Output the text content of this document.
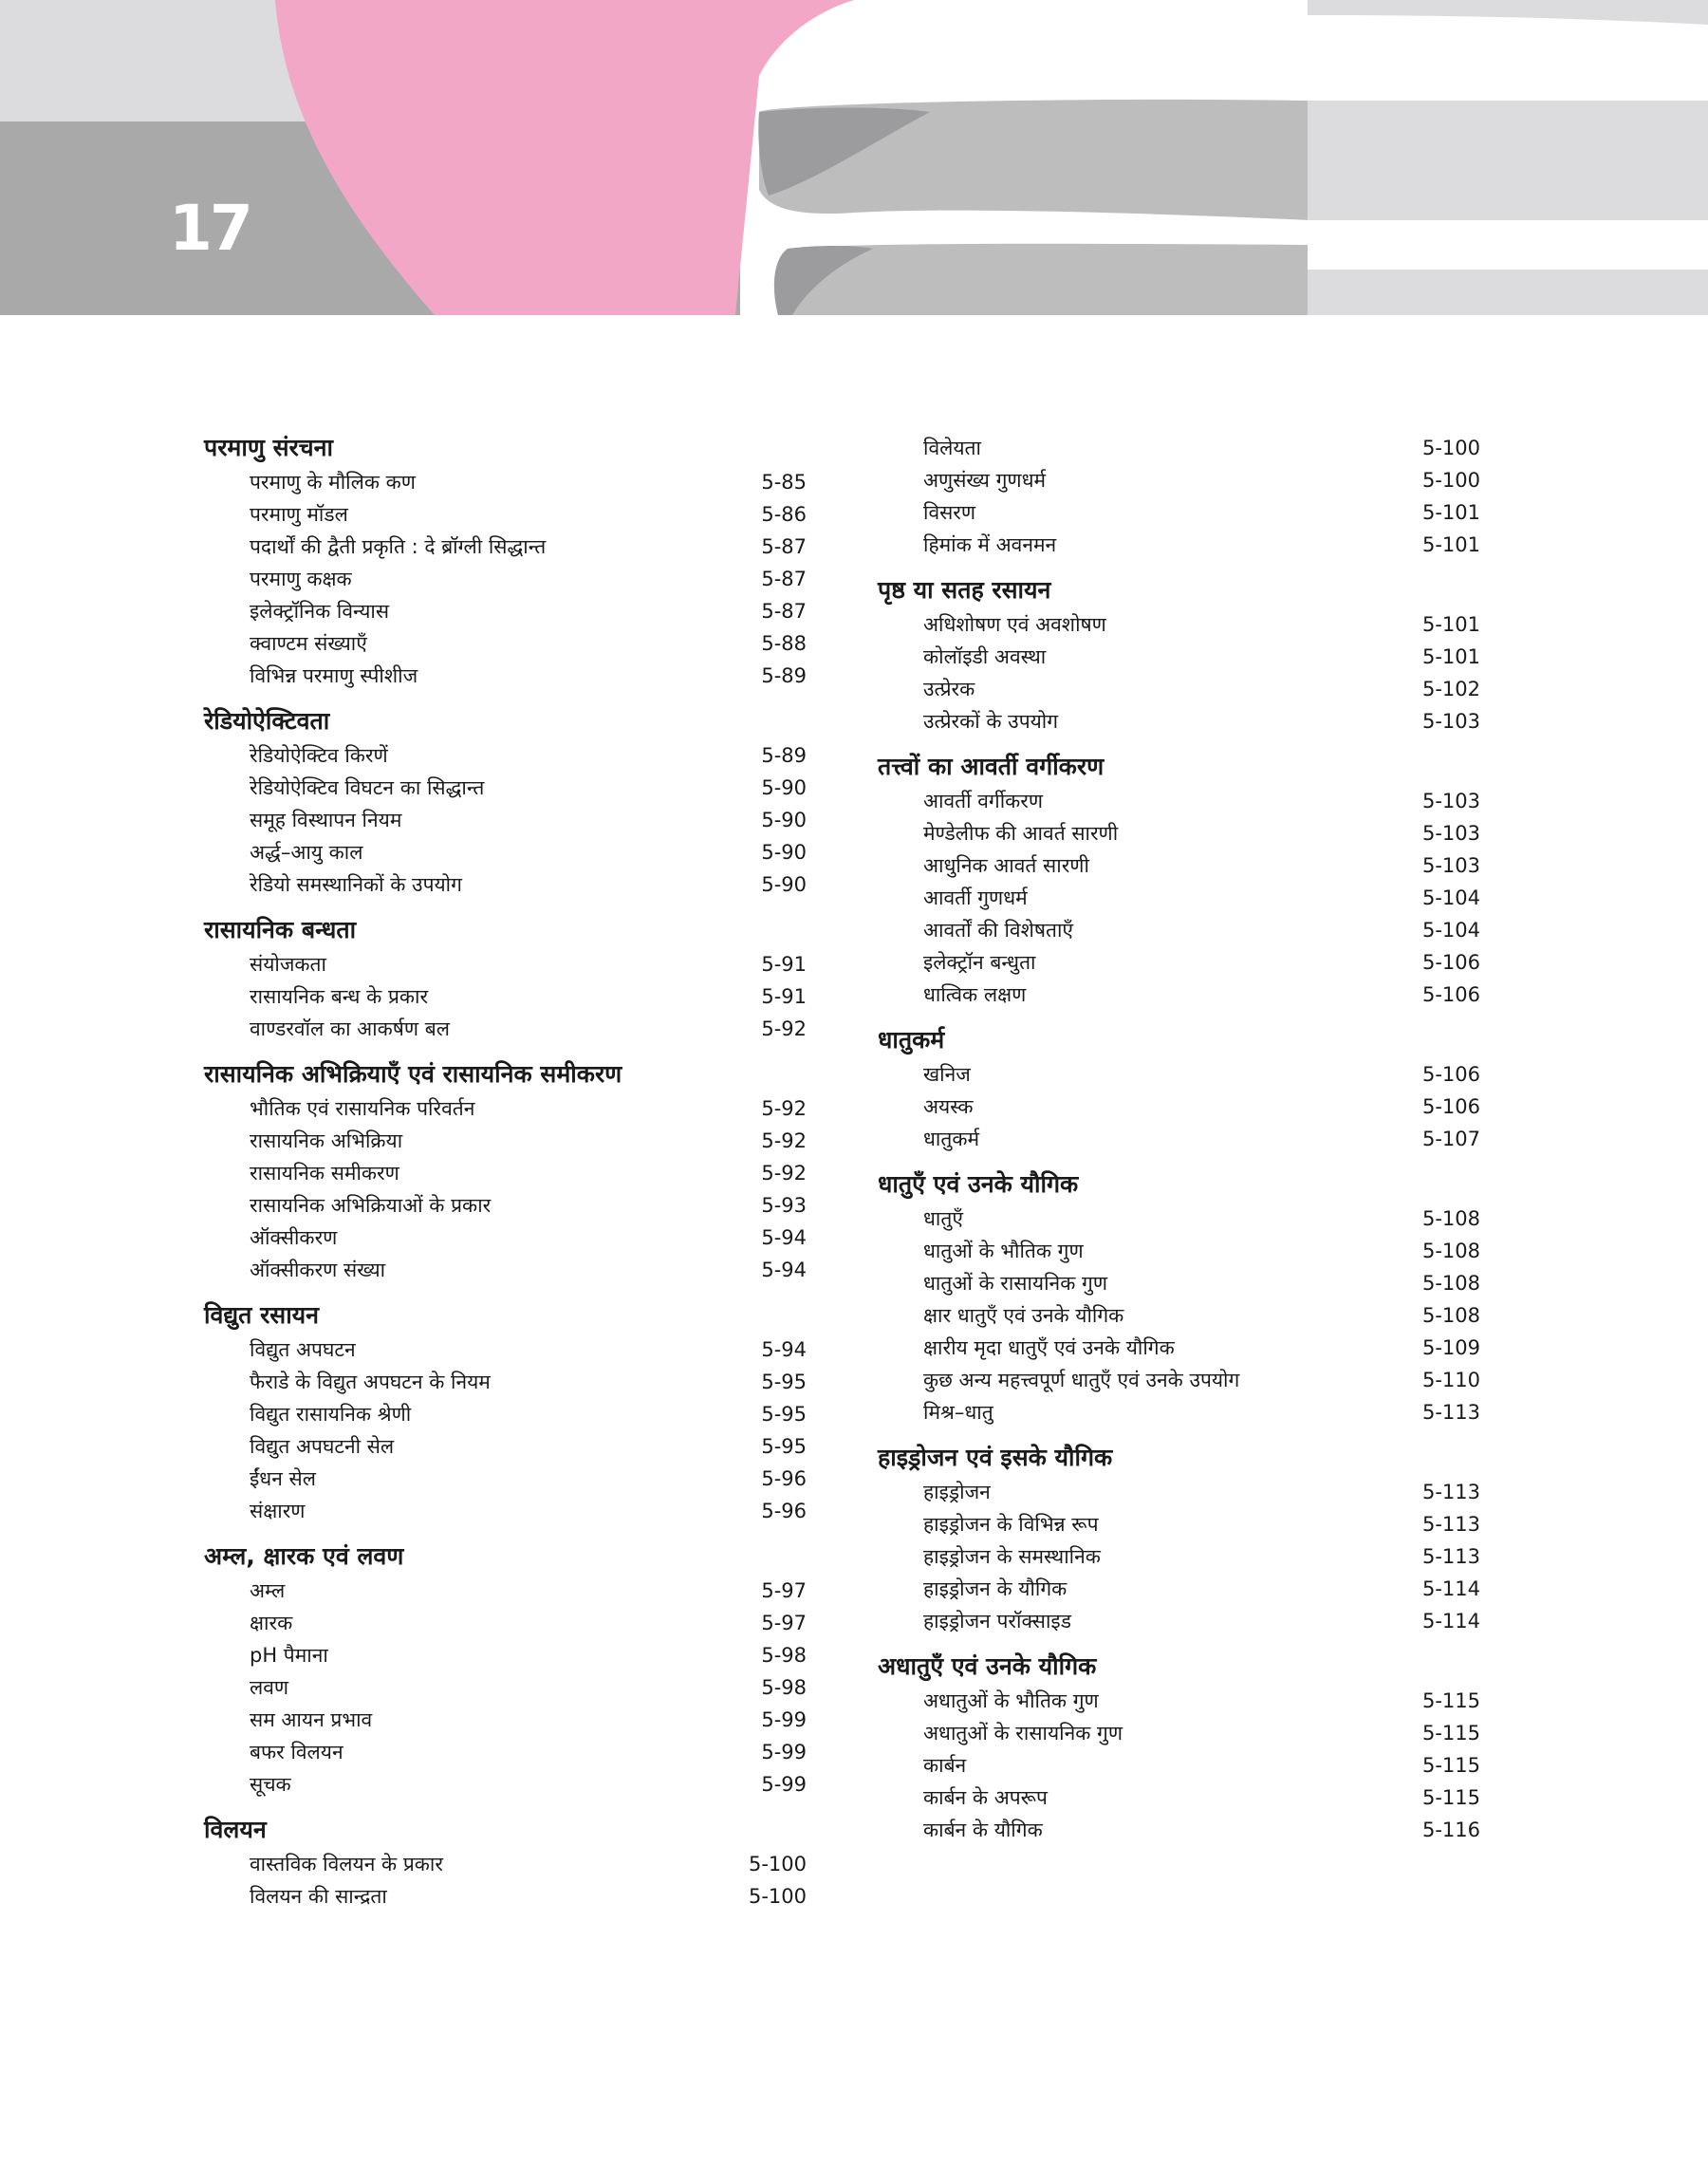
17
परमाणु संरचना
परमाणु के मौलिक कण	5-85
परमाणु मॉडल	5-86
पदार्थों की द्वैती प्रकृति : दे ब्रॉग्ली सिद्धान्त	5-87
परमाणु कक्षक	5-87
इलेक्ट्रॉनिक विन्यास	5-87
क्वाण्टम संख्याएँ	5-88
विभिन्न परमाणु स्पीशीज	5-89
रेडियोऐक्टिवता
रेडियोऐक्टिव किरणें	5-89
रेडियोऐक्टिव विघटन का सिद्धान्त	5-90
समूह विस्थापन नियम	5-90
अर्द्ध–आयु काल	5-90
रेडियो समस्थानिकों के उपयोग	5-90
रासायनिक बन्धता
संयोजकता	5-91
रासायनिक बन्ध के प्रकार	5-91
वाण्डरवॉल का आकर्षण बल	5-92
रासायनिक अभिक्रियाएँ एवं रासायनिक समीकरण
भौतिक एवं रासायनिक परिवर्तन	5-92
रासायनिक अभिक्रिया	5-92
रासायनिक समीकरण	5-92
रासायनिक अभिक्रियाओं के प्रकार	5-93
ऑक्सीकरण	5-94
ऑक्सीकरण संख्या	5-94
विद्युत रसायन
विद्युत अपघटन	5-94
फैराडे के विद्युत अपघटन के नियम	5-95
विद्युत रासायनिक श्रेणी	5-95
विद्युत अपघटनी सेल	5-95
ईंधन सेल	5-96
संक्षारण	5-96
अम्ल, क्षारक एवं लवण
अम्ल	5-97
क्षारक	5-97
pH पैमाना	5-98
लवण	5-98
सम आयन प्रभाव	5-99
बफर विलयन	5-99
सूचक	5-99
विलयन
वास्तविक विलयन के प्रकार	5-100
विलयन की सान्द्रता	5-100
विलेयता	5-100
अणुसंख्य गुणधर्म	5-100
विसरण	5-101
हिमांक में अवनमन	5-101
पृष्ठ या सतह रसायन
अधिशोषण एवं अवशोषण	5-101
कोलॉइडी अवस्था	5-101
उत्प्रेरक	5-102
उत्प्रेरकों के उपयोग	5-103
तत्त्वों का आवर्ती वर्गीकरण
आवर्ती वर्गीकरण	5-103
मेण्डेलीफ की आवर्त सारणी	5-103
आधुनिक आवर्त सारणी	5-103
आवर्ती गुणधर्म	5-104
आवर्तों की विशेषताएँ	5-104
इलेक्ट्रॉन बन्धुता	5-106
धात्विक लक्षण	5-106
धातुकर्म
खनिज	5-106
अयस्क	5-106
धातुकर्म	5-107
धातुएँ एवं उनके यौगिक
धातुएँ	5-108
धातुओं के भौतिक गुण	5-108
धातुओं के रासायनिक गुण	5-108
क्षार धातुएँ एवं उनके यौगिक	5-108
क्षारीय मृदा धातुएँ एवं उनके यौगिक	5-109
कुछ अन्य महत्त्वपूर्ण धातुएँ एवं उनके उपयोग	5-110
मिश्र–धातु	5-113
हाइड्रोजन एवं इसके यौगिक
हाइड्रोजन	5-113
हाइड्रोजन के विभिन्न रूप	5-113
हाइड्रोजन के समस्थानिक	5-113
हाइड्रोजन के यौगिक	5-114
हाइड्रोजन परॉक्साइड	5-114
अधातुएँ एवं उनके यौगिक
अधातुओं के भौतिक गुण	5-115
अधातुओं के रासायनिक गुण	5-115
कार्बन	5-115
कार्बन के अपरूप	5-115
कार्बन के यौगिक	5-116
